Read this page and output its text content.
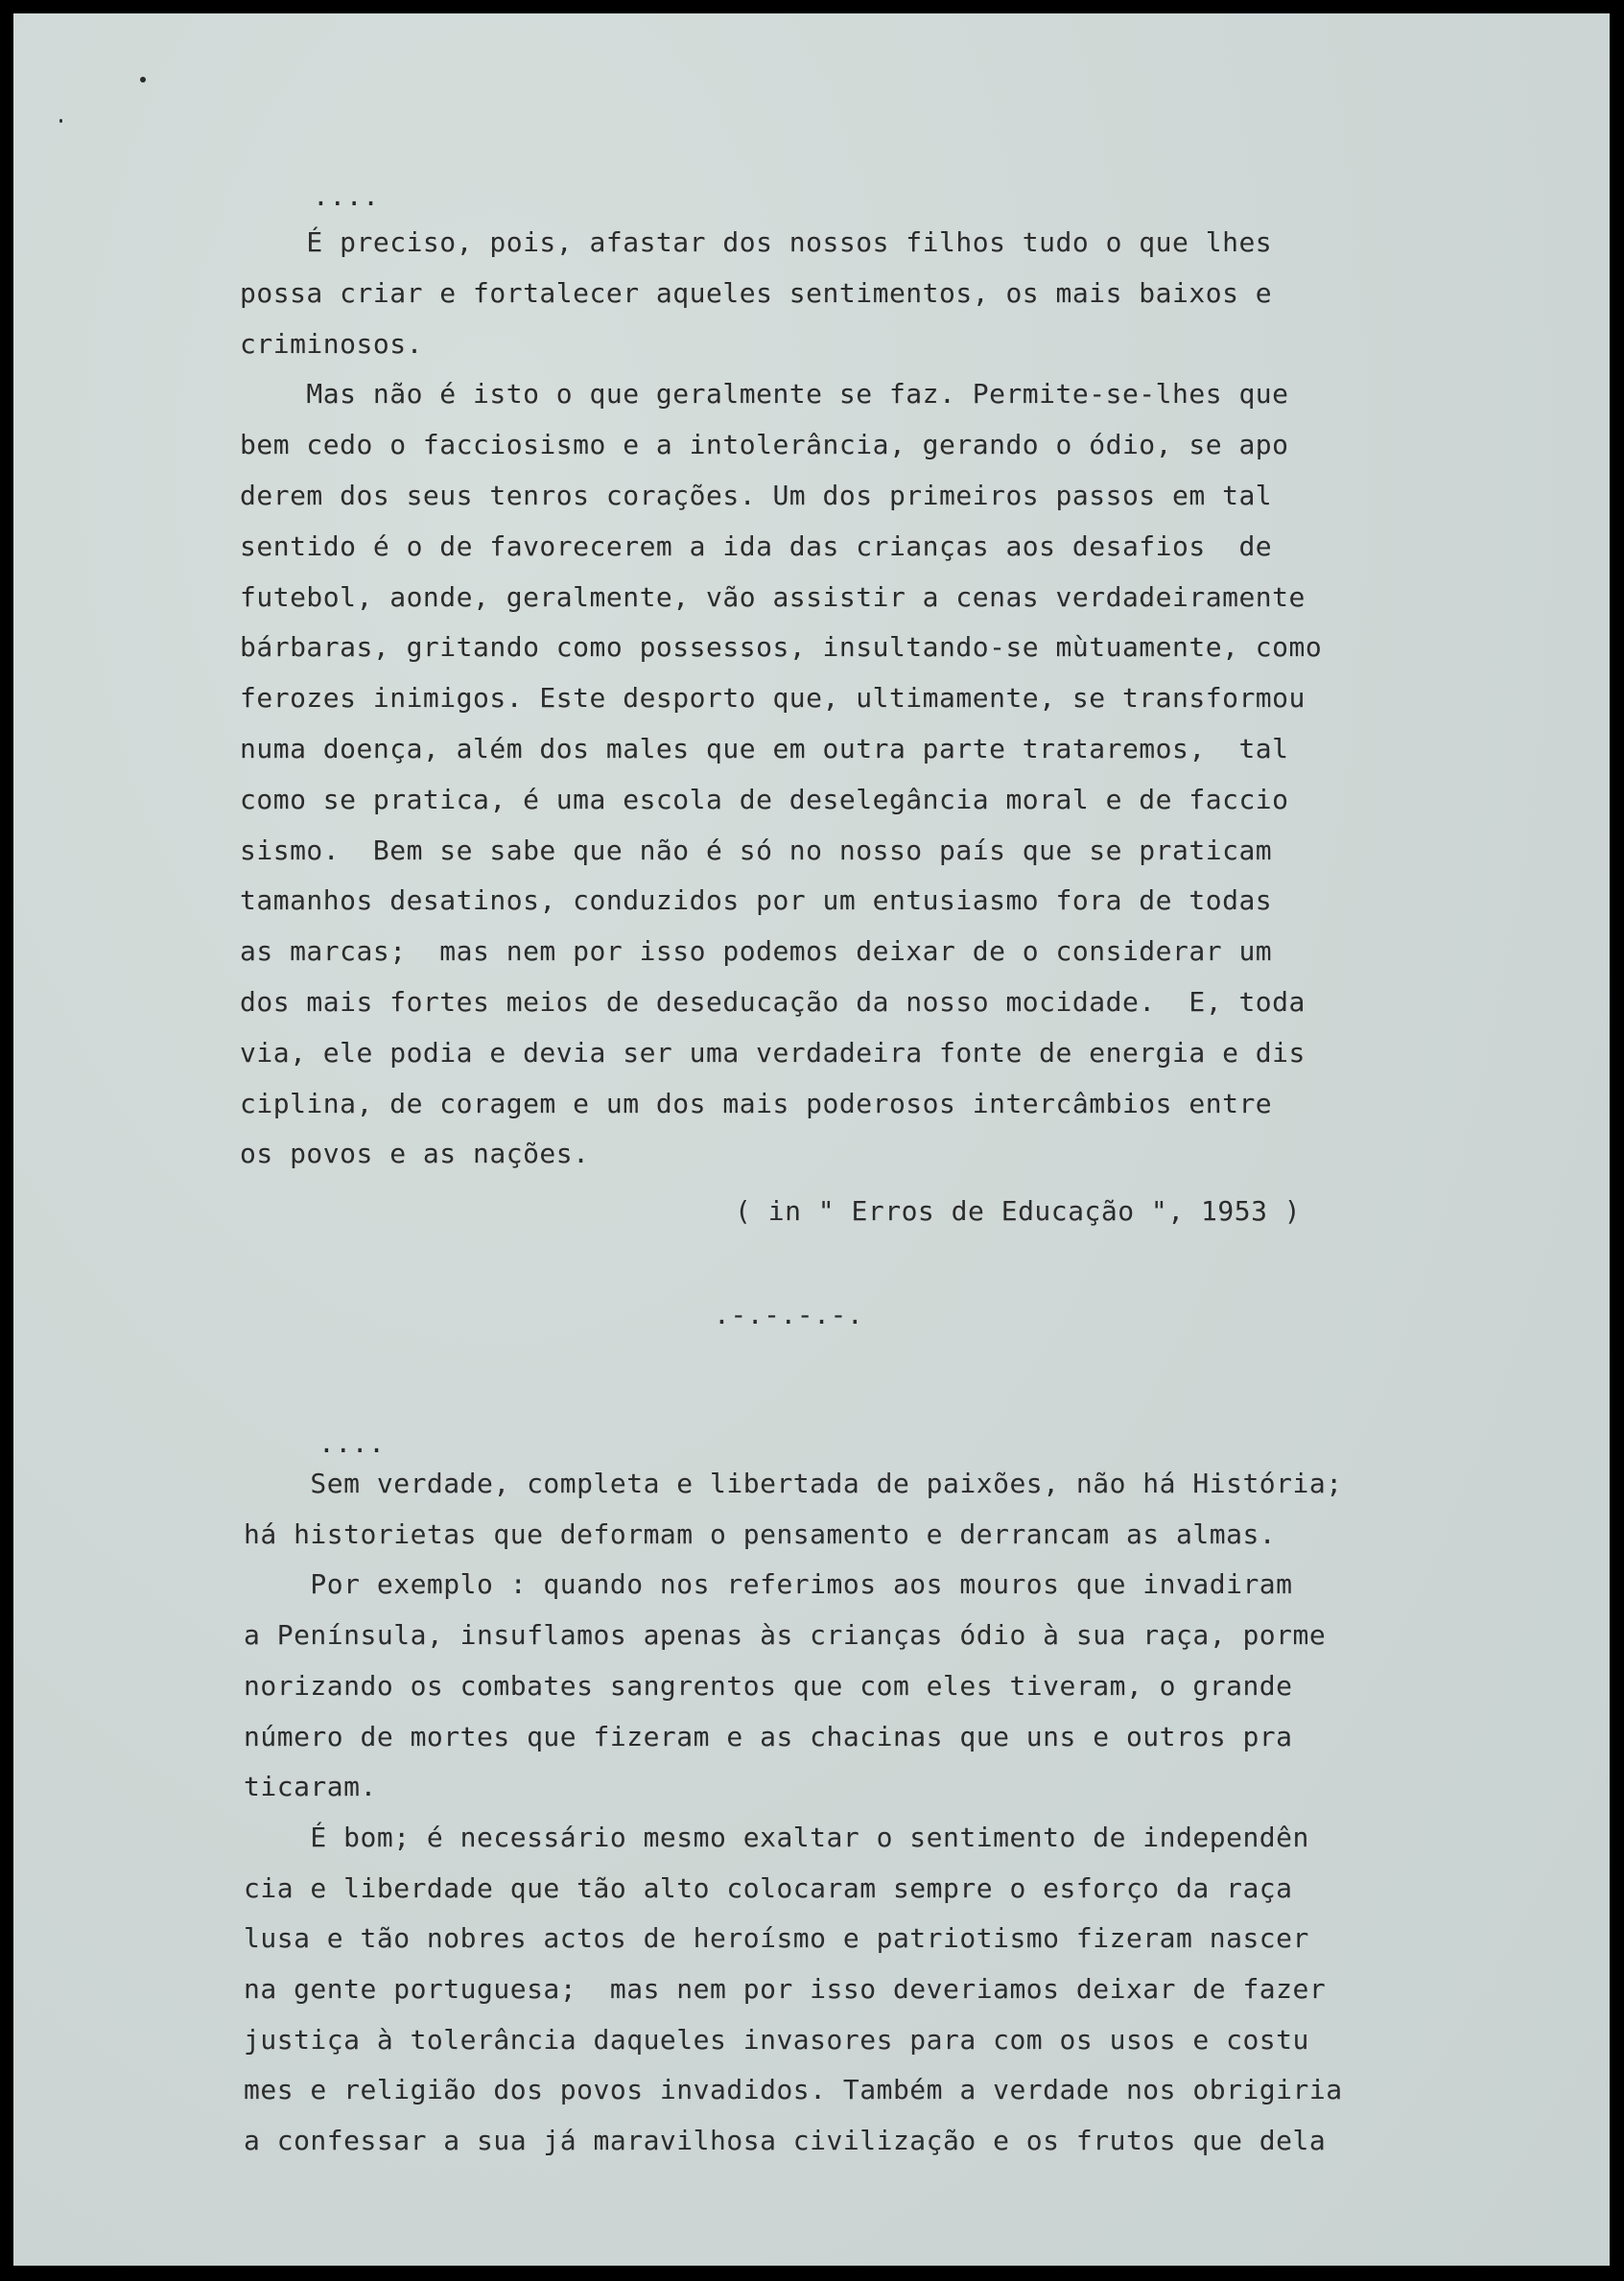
....
É preciso, pois, afastar dos nossos filhos tudo o que lhes
possa criar e fortalecer aqueles sentimentos, os mais baixos e
criminosos.
Mas não é isto o que geralmente se faz. Permite-se-lhes que
bem cedo o facciosismo e a intolerância, gerando o ódio, se apo
derem dos seus tenros corações. Um dos primeiros passos em tal
sentido é o de favorecerem a ida das crianças aos desafios  de
futebol, aonde, geralmente, vão assistir a cenas verdadeiramente
bárbaras, gritando como possessos, insultando-se mùtuamente, como
ferozes inimigos. Este desporto que, ultimamente, se transformou
numa doença, além dos males que em outra parte trataremos,  tal
como se pratica, é uma escola de deselegância moral e de faccio
sismo.  Bem se sabe que não é só no nosso país que se praticam
tamanhos desatinos, conduzidos por um entusiasmo fora de todas
as marcas;  mas nem por isso podemos deixar de o considerar um
dos mais fortes meios de deseducação da nosso mocidade.  E, toda
via, ele podia e devia ser uma verdadeira fonte de energia e dis
ciplina, de coragem e um dos mais poderosos intercâmbios entre
os povos e as nações.
( in " Erros de Educação ", 1953 )
.-.-.-.-.
....
Sem verdade, completa e libertada de paixões, não há História;
há historietas que deformam o pensamento e derrancam as almas.
Por exemplo : quando nos referimos aos mouros que invadiram
a Península, insuflamos apenas às crianças ódio à sua raça, porme
norizando os combates sangrentos que com eles tiveram, o grande
número de mortes que fizeram e as chacinas que uns e outros pra
ticaram.
É bom; é necessário mesmo exaltar o sentimento de independên
cia e liberdade que tão alto colocaram sempre o esforço da raça
lusa e tão nobres actos de heroísmo e patriotismo fizeram nascer
na gente portuguesa;  mas nem por isso deveriamos deixar de fazer
justiça à tolerância daqueles invasores para com os usos e costu
mes e religião dos povos invadidos. Também a verdade nos obrigiria
a confessar a sua já maravilhosa civilização e os frutos que dela
